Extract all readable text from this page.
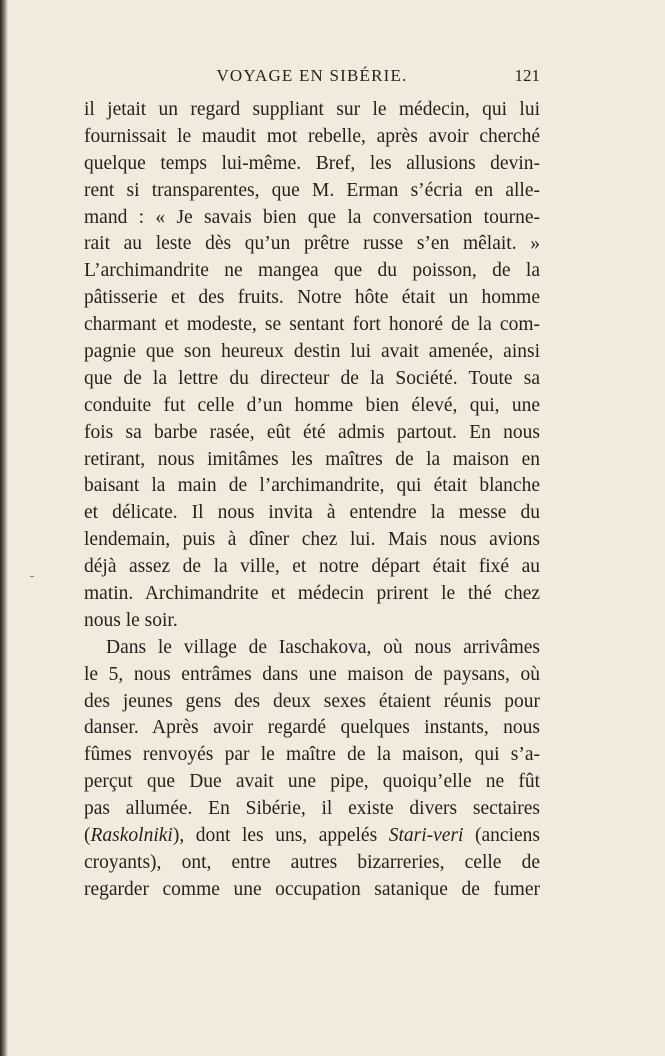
VOYAGE EN SIBÉRIE.	121
il jetait un regard suppliant sur le médecin, qui lui
fournissait le maudit mot rebelle, après avoir cherché
quelque temps lui-même. Bref, les allusions devin-
rent si transparentes, que M. Erman s’écria en alle-
mand : « Je savais bien que la conversation tourne-
rait au leste dès qu’un prêtre russe s’en mêlait. »
L’archimandrite ne mangea que du poisson, de la
pâtisserie et des fruits. Notre hôte était un homme
charmant et modeste, se sentant fort honoré de la com-
pagnie que son heureux destin lui avait amenée, ainsi
que de la lettre du directeur de la Société. Toute sa
conduite fut celle d’un homme bien élevé, qui, une
fois sa barbe rasée, eût été admis partout. En nous
retirant, nous imitâmes les maîtres de la maison en
baisant la main de l’archimandrite, qui était blanche
et délicate. Il nous invita à entendre la messe du
lendemain, puis à dîner chez lui. Mais nous avions
déjà assez de la ville, et notre départ était fixé au
matin. Archimandrite et médecin prirent le thé chez
nous le soir.
Dans le village de Iaschakova, où nous arrivâmes
le 5, nous entrâmes dans une maison de paysans, où
des jeunes gens des deux sexes étaient réunis pour
danser. Après avoir regardé quelques instants, nous
fûmes renvoyés par le maître de la maison, qui s’a-
perçut que Due avait une pipe, quoiqu’elle ne fût
pas allumée. En Sibérie, il existe divers sectaires
(Raskolniki), dont les uns, appelés Stari-veri (anciens
croyants), ont, entre autres bizarreries, celle de
regarder comme une occupation satanique de fumer
